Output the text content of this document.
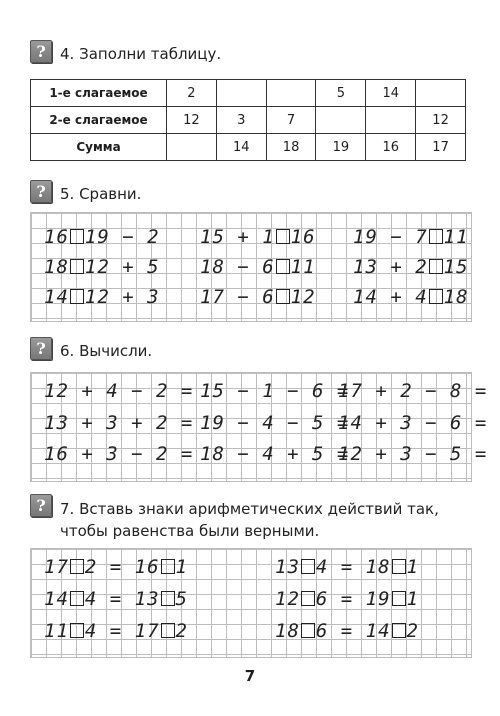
? 4. Заполни таблицу.
1-е слагаемое	2			5	14	
2-е слагаемое	12	3	7			12
Сумма		14	18	19	16	17
? 5. Сравни.
16 19 − 2 15 + 1 16 19 − 7 11
18 12 + 5 18 − 6 11 13 + 2 15
14 12 + 3 17 − 6 12 14 + 4 18
? 6. Вычисли.
12 + 4 − 2 = 15 − 1 − 6 =
17 + 2 − 8 =
13 + 3 + 2 = 19 − 4 − 5 =
14 + 3 − 6 =
16 + 3 − 2 = 18 − 4 + 5 =
12 + 3 − 5 =
? 7. Вставь знаки арифметических действий так, чтобы равенства были верными.
17 2 = 16 1	13 4 = 18 1
14 4 = 13 5	12 6 = 19 1
11 4 = 17 2	18 6 = 14 2
7
